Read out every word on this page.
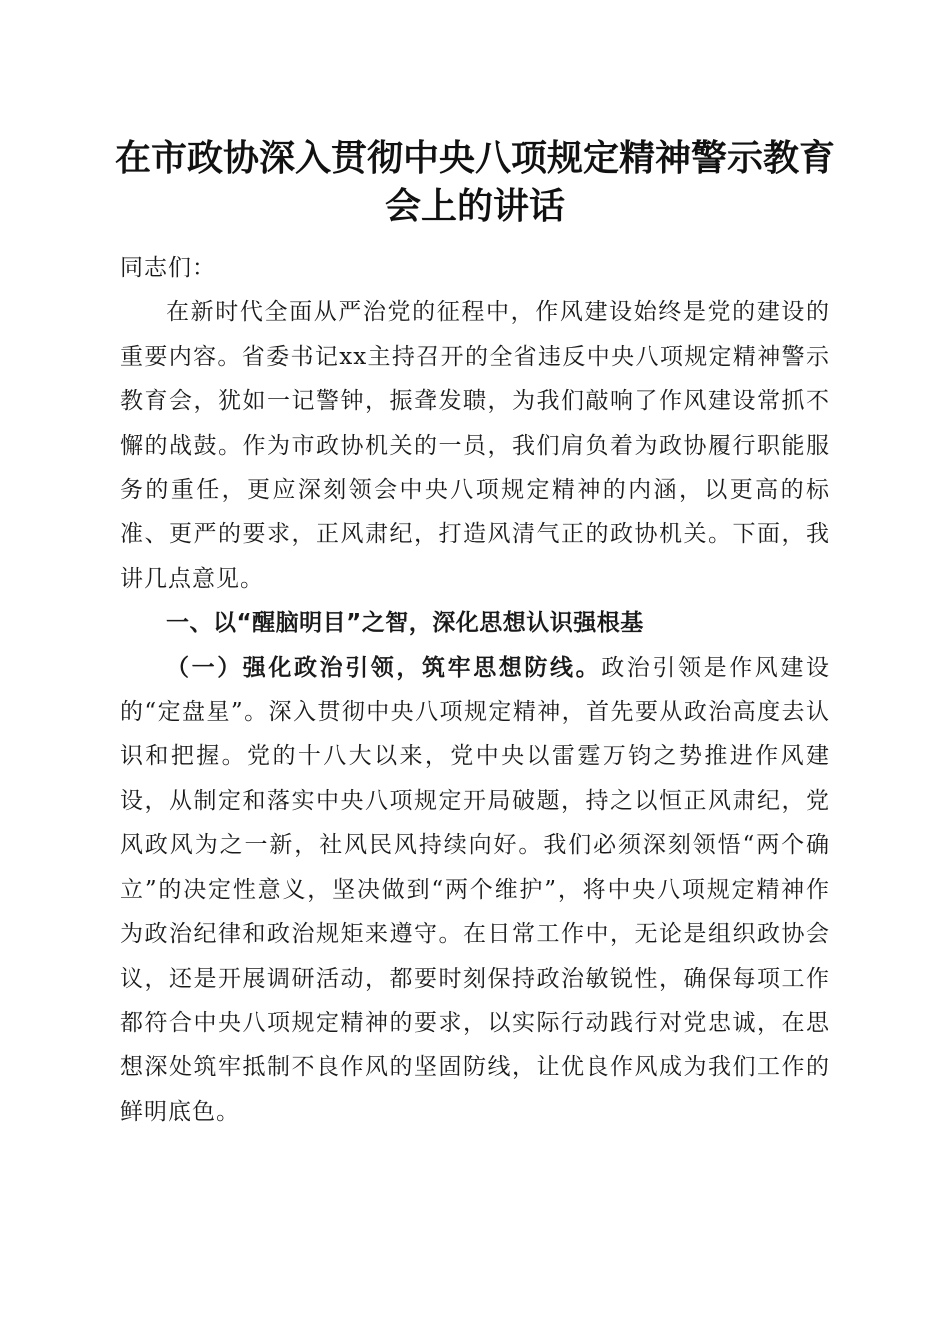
在市政协深入贯彻中央八项规定精神警示教育会上的讲话

同志们：

在新时代全面从严治党的征程中，作风建设始终是党的建设的重要内容。省委书记xx主持召开的全省违反中央八项规定精神警示教育会，犹如一记警钟，振聋发聩，为我们敲响了作风建设常抓不懈的战鼓。作为市政协机关的一员，我们肩负着为政协履行职能服务的重任，更应深刻领会中央八项规定精神的内涵，以更高的标准、更严的要求，正风肃纪，打造风清气正的政协机关。下面，我讲几点意见。

一、以“醒脑明目”之智，深化思想认识强根基

（一）强化政治引领，筑牢思想防线。政治引领是作风建设的“定盘星”。深入贯彻中央八项规定精神，首先要从政治高度去认识和把握。党的十八大以来，党中央以雷霆万钧之势推进作风建设，从制定和落实中央八项规定开局破题，持之以恒正风肃纪，党风政风为之一新，社风民风持续向好。我们必须深刻领悟“两个确立”的决定性意义，坚决做到“两个维护”，将中央八项规定精神作为政治纪律和政治规矩来遵守。在日常工作中，无论是组织政协会议，还是开展调研活动，都要时刻保持政治敏锐性，确保每项工作都符合中央八项规定精神的要求，以实际行动践行对党忠诚，在思想深处筑牢抵制不良作风的坚固防线，让优良作风成为我们工作的鲜明底色。
